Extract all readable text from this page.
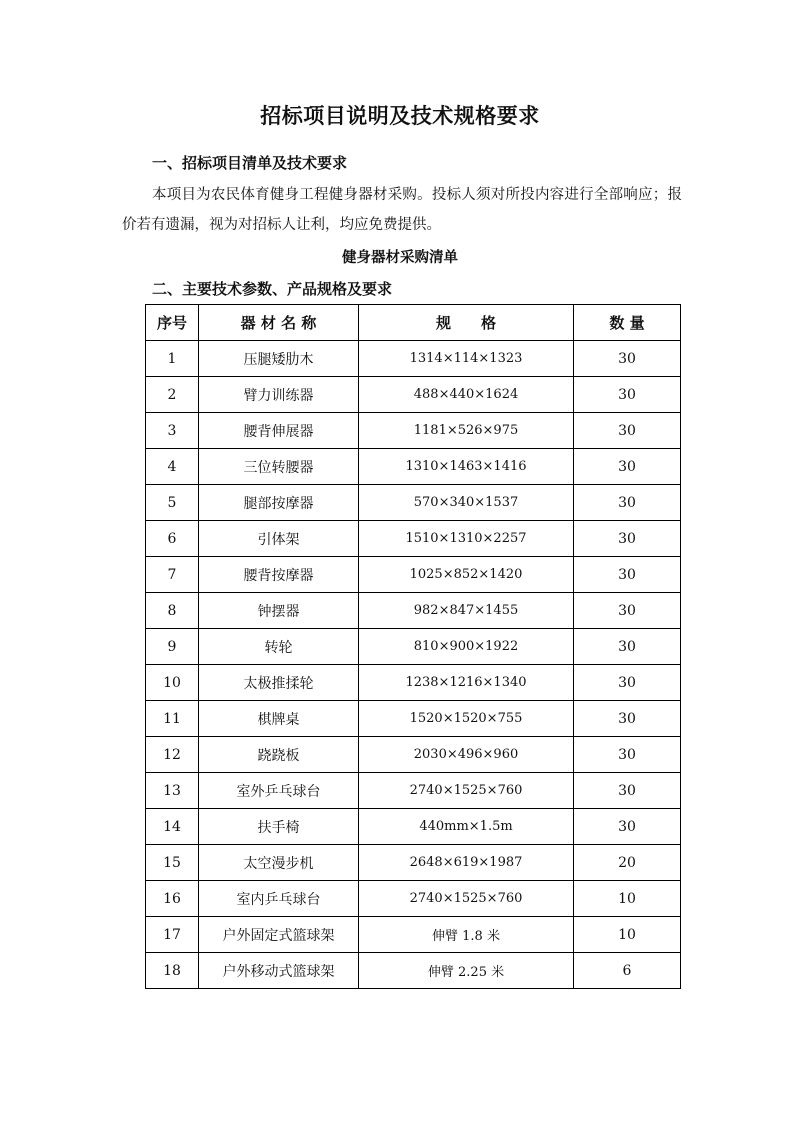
招标项目说明及技术规格要求
一、招标项目清单及技术要求
本项目为农民体育健身工程健身器材采购。投标人须对所投内容进行全部响应；报价若有遗漏，视为对招标人让利，均应免费提供。
健身器材采购清单
二、主要技术参数、产品规格及要求
序号	器 材 名 称	规　　格	数 量
1	压腿矮肋木	1314×114×1323	30
2	臂力训练器	488×440×1624	30
3	腰背伸展器	1181×526×975	30
4	三位转腰器	1310×1463×1416	30
5	腿部按摩器	570×340×1537	30
6	引体架	1510×1310×2257	30
7	腰背按摩器	1025×852×1420	30
8	钟摆器	982×847×1455	30
9	转轮	810×900×1922	30
10	太极推揉轮	1238×1216×1340	30
11	棋牌桌	1520×1520×755	30
12	跷跷板	2030×496×960	30
13	室外乒乓球台	2740×1525×760	30
14	扶手椅	440mm×1.5m	30
15	太空漫步机	2648×619×1987	20
16	室内乒乓球台	2740×1525×760	10
17	户外固定式篮球架	伸臂 1.8 米	10
18	户外移动式篮球架	伸臂 2.25 米	6
